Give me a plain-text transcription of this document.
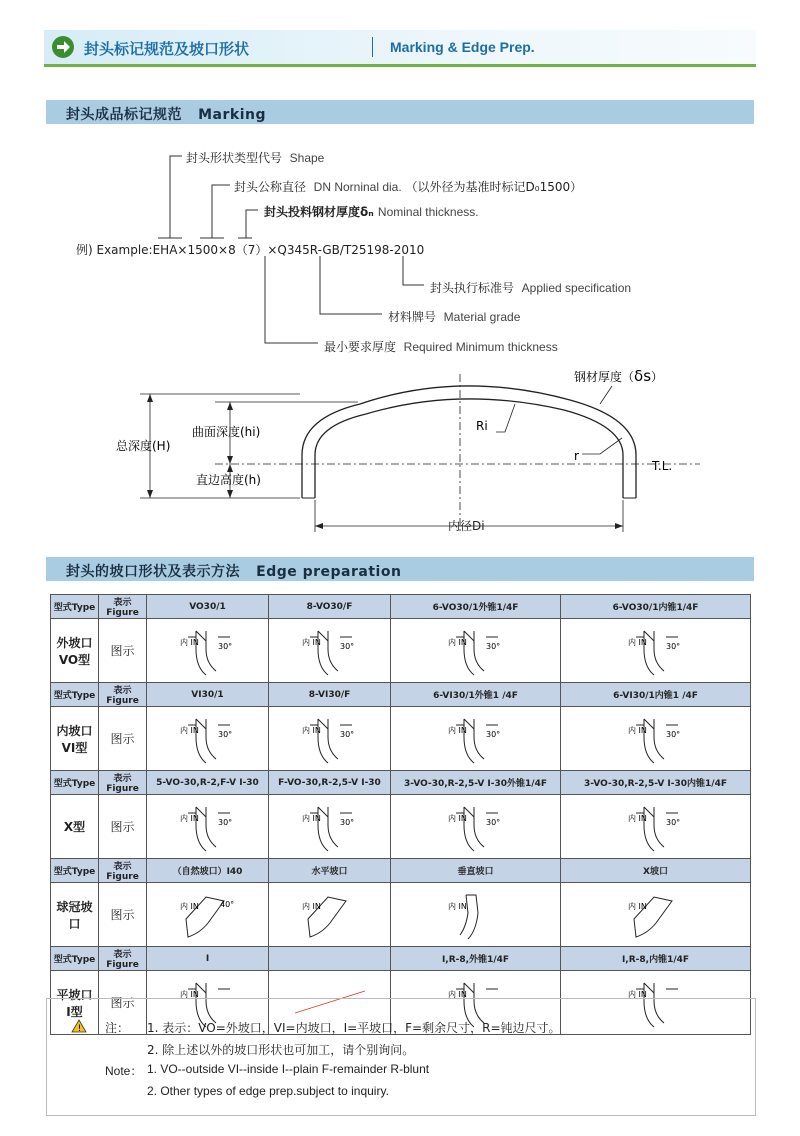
封头标记规范及坡口形状	Marking & Edge Prep.
封头成品标记规范 Marking
封头形状类型代号 Shape
封头公称直径 DN Norninal dia. （以外径为基准时标记D₀1500）
封头投料钢材厚度δₙ Nominal thickness.
例) Example:EHA×1500×8（7）×Q345R-GB/T25198-2010
封头执行标准号 Applied specification
材料牌号 Material grade
最小要求厚度 Required Minimum thickness
总深度(H)
曲面深度(hi)
直边高度(h)
Ri
r
T.L.
内径Di
钢材厚度（δs）
封头的坡口形状及表示方法 Edge preparation
型式Type	表示Figure	VO30/1	8-VO30/F	6-VO30/1外锥1/4F	6-VO30/1内锥1/4F
外坡口
VO型	图示	内 IN 30°	内 IN 30°	内 IN 30°	内 IN 30°

型式Type	表示Figure	VI30/1	8-VI30/F	6-VI30/1外锥1 /4F	6-VI30/1内锥1 /4F
内坡口
VI型	图示	内 IN 30°	内 IN 30°	内 IN 30°	内 IN 30°

型式Type	表示Figure	5-VO-30,R-2,F-V I-30	F-VO-30,R-2,5-V I-30	3-VO-30,R-2,5-V I-30外锥1/4F	3-VO-30,R-2,5-V I-30内锥1/4F
X型	图示	内 IN 30°	内 IN 30°	内 IN 30°	内 IN 30°

型式Type	表示Figure	（自然坡口）I40	水平坡口	垂直坡口	X坡口
球冠坡口	图示	内 IN 40°	内 IN	内 IN	内 IN

型式Type	表示Figure	I		I,R-8,外锥1/4F	I,R-8,内锥1/4F
平坡口
I型	图示	内 IN		内 IN	内 IN
! 注： 1. 表示：VO=外坡口，VI=内坡口，I=平坡口，F=剩余尺寸，R=钝边尺寸。
2. 除上述以外的坡口形状也可加工，请个别询问。
Note： 1. VO--outside VI--inside I--plain F-remainder R-blunt
2. Other types of edge prep.subject to inquiry.
